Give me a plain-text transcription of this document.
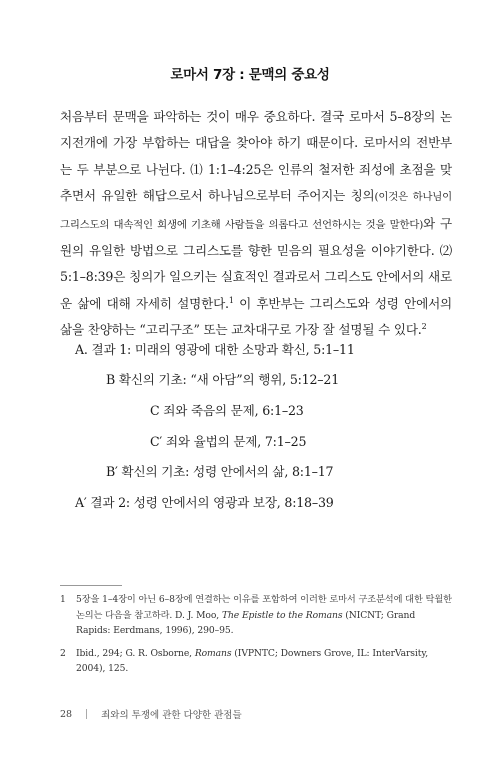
로마서 7장 : 문맥의 중요성

처음부터 문맥을 파악하는 것이 매우 중요하다. 결국 로마서 5–8장의 논지전개에 가장 부합하는 대답을 찾아야 하기 때문이다. 로마서의 전반부는 두 부분으로 나뉜다. ⑴ 1:1–4:25은 인류의 철저한 죄성에 초점을 맞추면서 유일한 해답으로서 하나님으로부터 주어지는 칭의(이것은 하나님이 그리스도의 대속적인 희생에 기초해 사람들을 의롭다고 선언하시는 것을 말한다)와 구원의 유일한 방법으로 그리스도를 향한 믿음의 필요성을 이야기한다. ⑵ 5:1–8:39은 칭의가 일으키는 실효적인 결과로서 그리스도 안에서의 새로운 삶에 대해 자세히 설명한다.$^1$ 이 후반부는 그리스도와 성령 안에서의 삶을 찬양하는 “고리구조” 또는 교차대구로 가장 잘 설명될 수 있다.$^2$

A. 결과 1: 미래의 영광에 대한 소망과 확신, 5:1–11
B 확신의 기초: “새 아담”의 행위, 5:12–21
C 죄와 죽음의 문제, 6:1–23
C′ 죄와 율법의 문제, 7:1–25
B′ 확신의 기초: 성령 안에서의 삶, 8:1–17
A′ 결과 2: 성령 안에서의 영광과 보장, 8:18–39
1	5장을 1–4장이 아닌 6–8장에 연결하는 이유를 포함하여 이러한 로마서 구조분석에 대한 탁월한 논의는 다음을 참고하라. D. J. Moo, The Epistle to the Romans (NICNT; Grand Rapids: Eerdmans, 1996), 290–95.
2	Ibid., 294; G. R. Osborne, Romans (IVPNTC; Downers Grove, IL: InterVarsity, 2004), 125.
28	죄와의 투쟁에 관한 다양한 관점들
